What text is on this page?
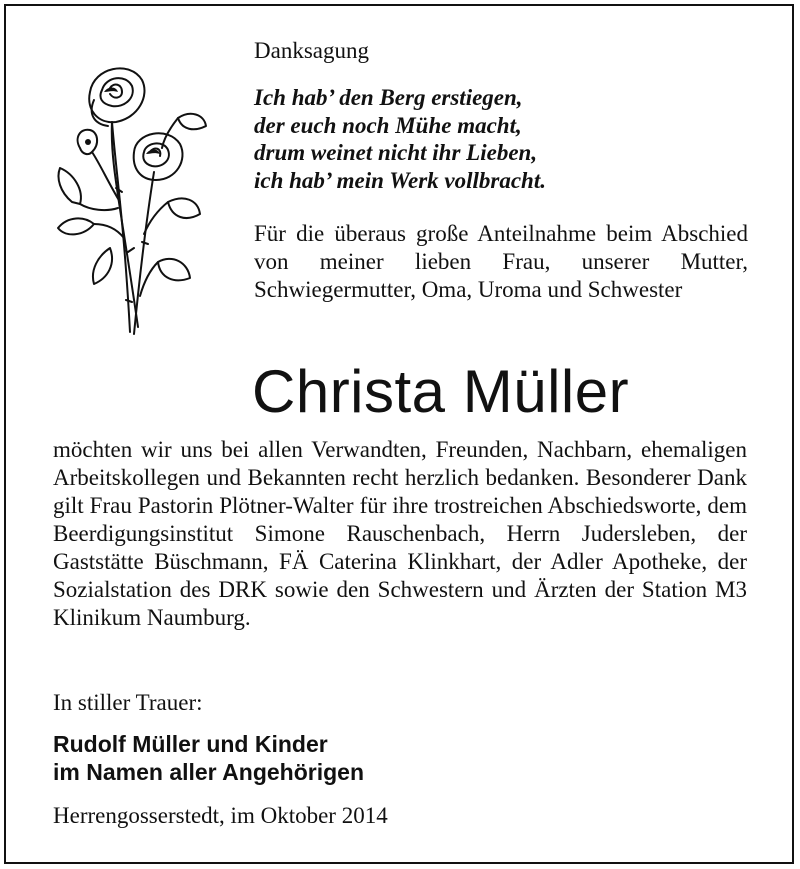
Danksagung
Ich hab’ den Berg erstiegen,
der euch noch Mühe macht,
drum weinet nicht ihr Lieben,
ich hab’ mein Werk vollbracht.
Für die überaus große Anteilnahme beim Abschied von meiner lieben Frau, unserer Mutter, Schwiegermutter, Oma, Uroma und Schwester
Christa Müller
möchten wir uns bei allen Verwandten, Freunden, Nachbarn, ehemaligen Arbeitskollegen und Bekannten recht herzlich bedanken. Besonderer Dank gilt Frau Pastorin Plötner-Walter für ihre trostreichen Abschiedsworte, dem Beerdigungsinstitut Simone Rauschenbach, Herrn Judersleben, der Gaststätte Büschmann, FÄ Caterina Klinkhart, der Adler Apotheke, der Sozialstation des DRK sowie den Schwestern und Ärzten der Station M3 Klinikum Naumburg.
In stiller Trauer:
Rudolf Müller und Kinder
im Namen aller Angehörigen
Herrengosserstedt, im Oktober 2014
